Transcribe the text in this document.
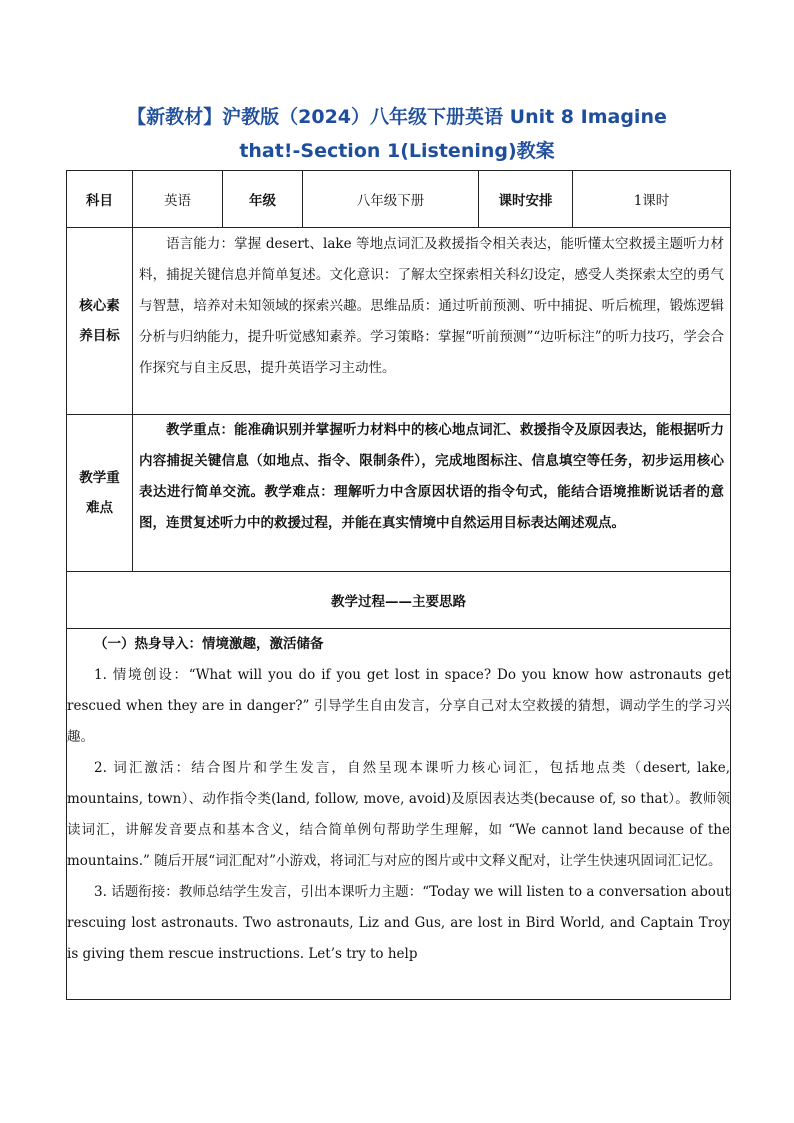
【新教材】沪教版（2024）八年级下册英语 Unit 8 Imagine
that!-Section 1(Listening)教案
科目	英语	年级	八年级下册	课时安排	1课时

核心素
养目标	语言能力：掌握 desert、lake 等地点词汇及救援指令相关表达，能听懂太空救援主题听力材料，捕捉关键信息并简单复述。文化意识：了解太空探索相关科幻设定，感受人类探索太空的勇气与智慧，培养对未知领域的探索兴趣。思维品质：通过听前预测、听中捕捉、听后梳理，锻炼逻辑分析与归纳能力，提升听觉感知素养。学习策略：掌握“听前预测”“边听标注”的听力技巧，学会合作探究与自主反思，提升英语学习主动性。				

教学重
难点	教学重点：能准确识别并掌握听力材料中的核心地点词汇、救援指令及原因表达，能根据听力内容捕捉关键信息（如地点、指令、限制条件），完成地图标注、信息填空等任务，初步运用核心表达进行简单交流。教学难点：理解听力中含原因状语的指令句式，能结合语境推断说话者的意图，连贯复述听力中的救援过程，并能在真实情境中自然运用目标表达阐述观点。				

教学过程——主要思路					

（一）热身导入：情境激趣，激活储备

1. 情境创设：“What will you do if you get lost in space? Do you know how astronauts get rescued when they are in danger?” 引导学生自由发言，分享自己对太空救援的猜想，调动学生的学习兴趣。

2. 词汇激活：结合图片和学生发言，自然呈现本课听力核心词汇，包括地点类（desert, lake, mountains, town）、动作指令类(land, follow, move, avoid)及原因表达类(because of, so that）。教师领读词汇，讲解发音要点和基本含义，结合简单例句帮助学生理解，如 “We cannot land because of the mountains.” 随后开展“词汇配对”小游戏，将词汇与对应的图片或中文释义配对，让学生快速巩固词汇记忆。

3. 话题衔接：教师总结学生发言，引出本课听力主题：“Today we will listen to a conversation about rescuing lost astronauts. Two astronauts, Liz and Gus, are lost in Bird World, and Captain Troy is giving them rescue instructions. Let’s try to help					
